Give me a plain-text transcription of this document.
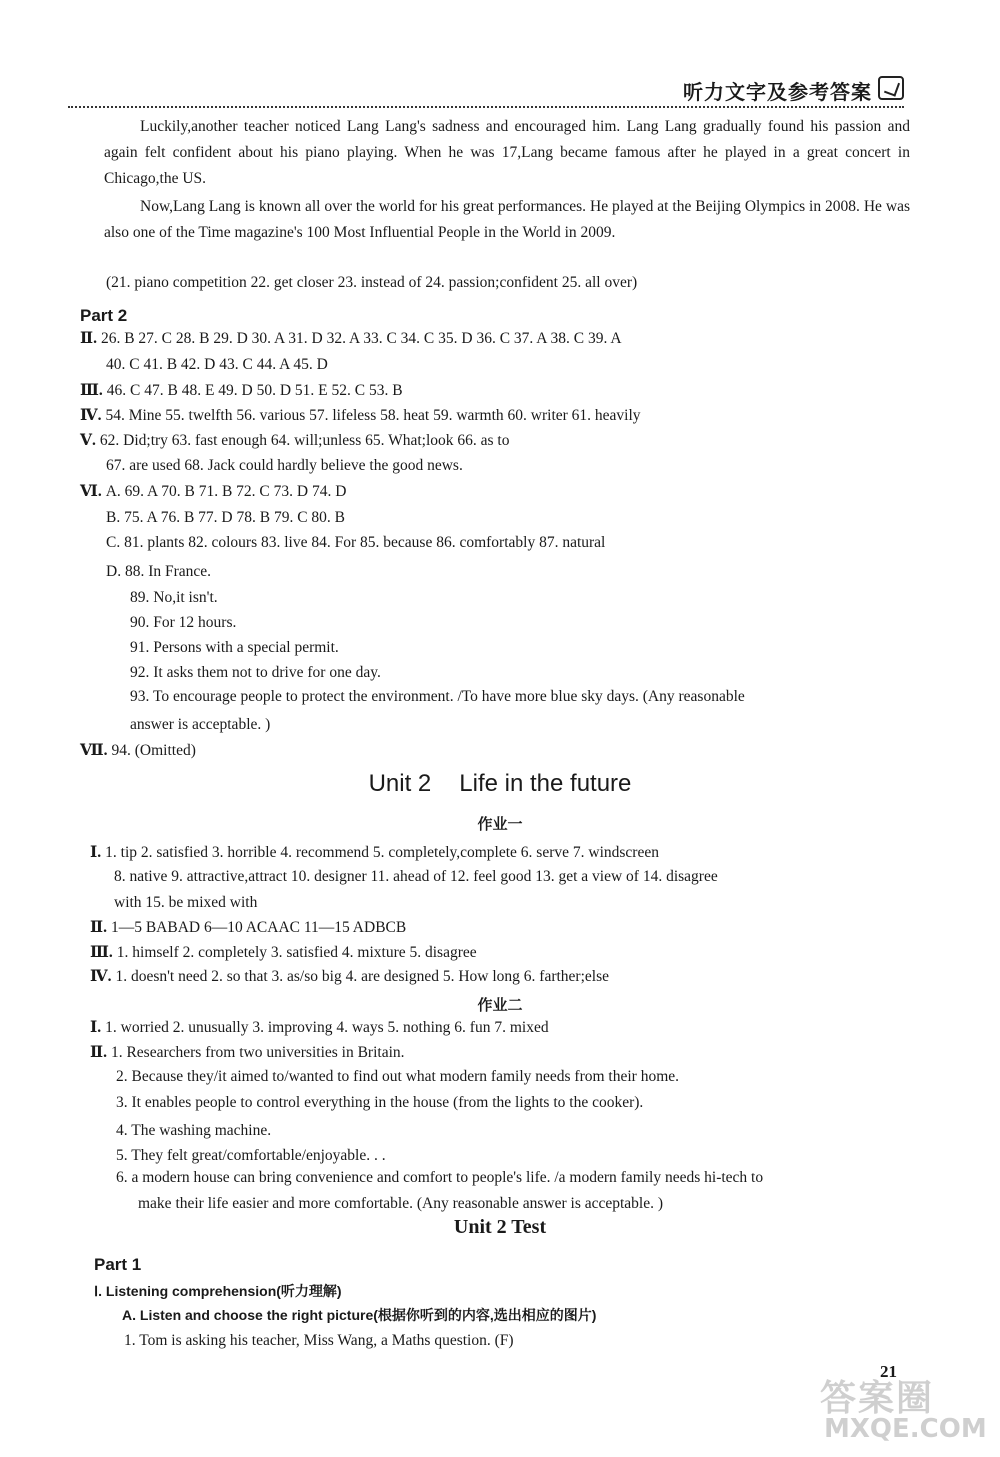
听力文字及参考答案
Luckily,another teacher noticed Lang Lang's sadness and encouraged him. Lang Lang gradually found his passion and again felt confident about his piano playing. When he was 17,Lang became famous after he played in a great concert in Chicago,the US.
Now,Lang Lang is known all over the world for his great performances. He played at the Beijing Olympics in 2008. He was also one of the Time magazine's 100 Most Influential People in the World in 2009.
(21. piano competition 22. get closer 23. instead of 24. passion;confident 25. all over)
Part 2
Ⅱ. 26. B 27. C 28. B 29. D 30. A 31. D 32. A 33. C 34. C 35. D 36. C 37. A 38. C 39. A
40. C 41. B 42. D 43. C 44. A 45. D
Ⅲ. 46. C 47. B 48. E 49. D 50. D 51. E 52. C 53. B
Ⅳ. 54. Mine 55. twelfth 56. various 57. lifeless 58. heat 59. warmth 60. writer 61. heavily
Ⅴ. 62. Did;try 63. fast enough 64. will;unless 65. What;look 66. as to
67. are used 68. Jack could hardly believe the good news.
Ⅵ. A. 69. A 70. B 71. B 72. C 73. D 74. D
B. 75. A 76. B 77. D 78. B 79. C 80. B
C. 81. plants 82. colours 83. live 84. For 85. because 86. comfortably 87. natural
D. 88. In France.
89. No,it isn't.
90. For 12 hours.
91. Persons with a special permit.
92. It asks them not to drive for one day.
93. To encourage people to protect the environment. /To have more blue sky days. (Any reasonable
answer is acceptable. )
Ⅶ. 94. (Omitted)
Unit 2 Life in the future
作业一
Ⅰ. 1. tip 2. satisfied 3. horrible 4. recommend 5. completely,complete 6. serve 7. windscreen
8. native 9. attractive,attract 10. designer 11. ahead of 12. feel good 13. get a view of 14. disagree
with 15. be mixed with
Ⅱ. 1—5 BABAD 6—10 ACAAC 11—15 ADBCB
Ⅲ. 1. himself 2. completely 3. satisfied 4. mixture 5. disagree
Ⅳ. 1. doesn't need 2. so that 3. as/so big 4. are designed 5. How long 6. farther;else
作业二
Ⅰ. 1. worried 2. unusually 3. improving 4. ways 5. nothing 6. fun 7. mixed
Ⅱ. 1. Researchers from two universities in Britain.
2. Because they/it aimed to/wanted to find out what modern family needs from their home.
3. It enables people to control everything in the house (from the lights to the cooker).
4. The washing machine.
5. They felt great/comfortable/enjoyable. . .
6. a modern house can bring convenience and comfort to people's life. /a modern family needs hi-tech to
make their life easier and more comfortable. (Any reasonable answer is acceptable. )
Unit 2 Test
Part 1
Ⅰ. Listening comprehension(听力理解)
A. Listen and choose the right picture(根据你听到的内容,选出相应的图片)
1. Tom is asking his teacher, Miss Wang, a Maths question. (F)
21
答案圈
MXQE.COM
